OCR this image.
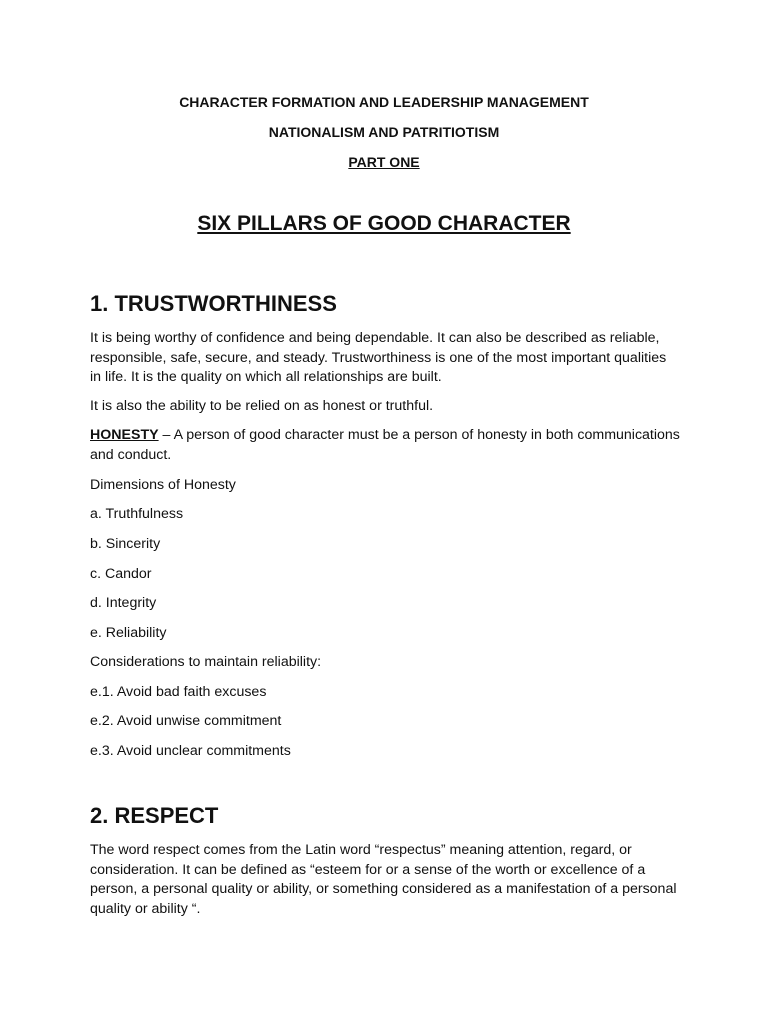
CHARACTER FORMATION AND LEADERSHIP MANAGEMENT
NATIONALISM AND PATRITIOTISM
PART ONE
SIX PILLARS OF GOOD CHARACTER
1. TRUSTWORTHINESS
It is being worthy of confidence and being dependable. It can also be described as reliable, responsible, safe, secure, and steady. Trustworthiness is one of the most important qualities in life. It is the quality on which all relationships are built.
It is also the ability to be relied on as honest or truthful.
HONESTY – A person of good character must be a person of honesty in both communications and conduct.
Dimensions of Honesty
a. Truthfulness
b. Sincerity
c. Candor
d. Integrity
e. Reliability
Considerations to maintain reliability:
e.1. Avoid bad faith excuses
e.2. Avoid unwise commitment
e.3. Avoid unclear commitments
2. RESPECT
The word respect comes from the Latin word “respectus” meaning attention, regard, or consideration. It can be defined as “esteem for or a sense of the worth or excellence of a person, a personal quality or ability, or something considered as a manifestation of a personal quality or ability “.
